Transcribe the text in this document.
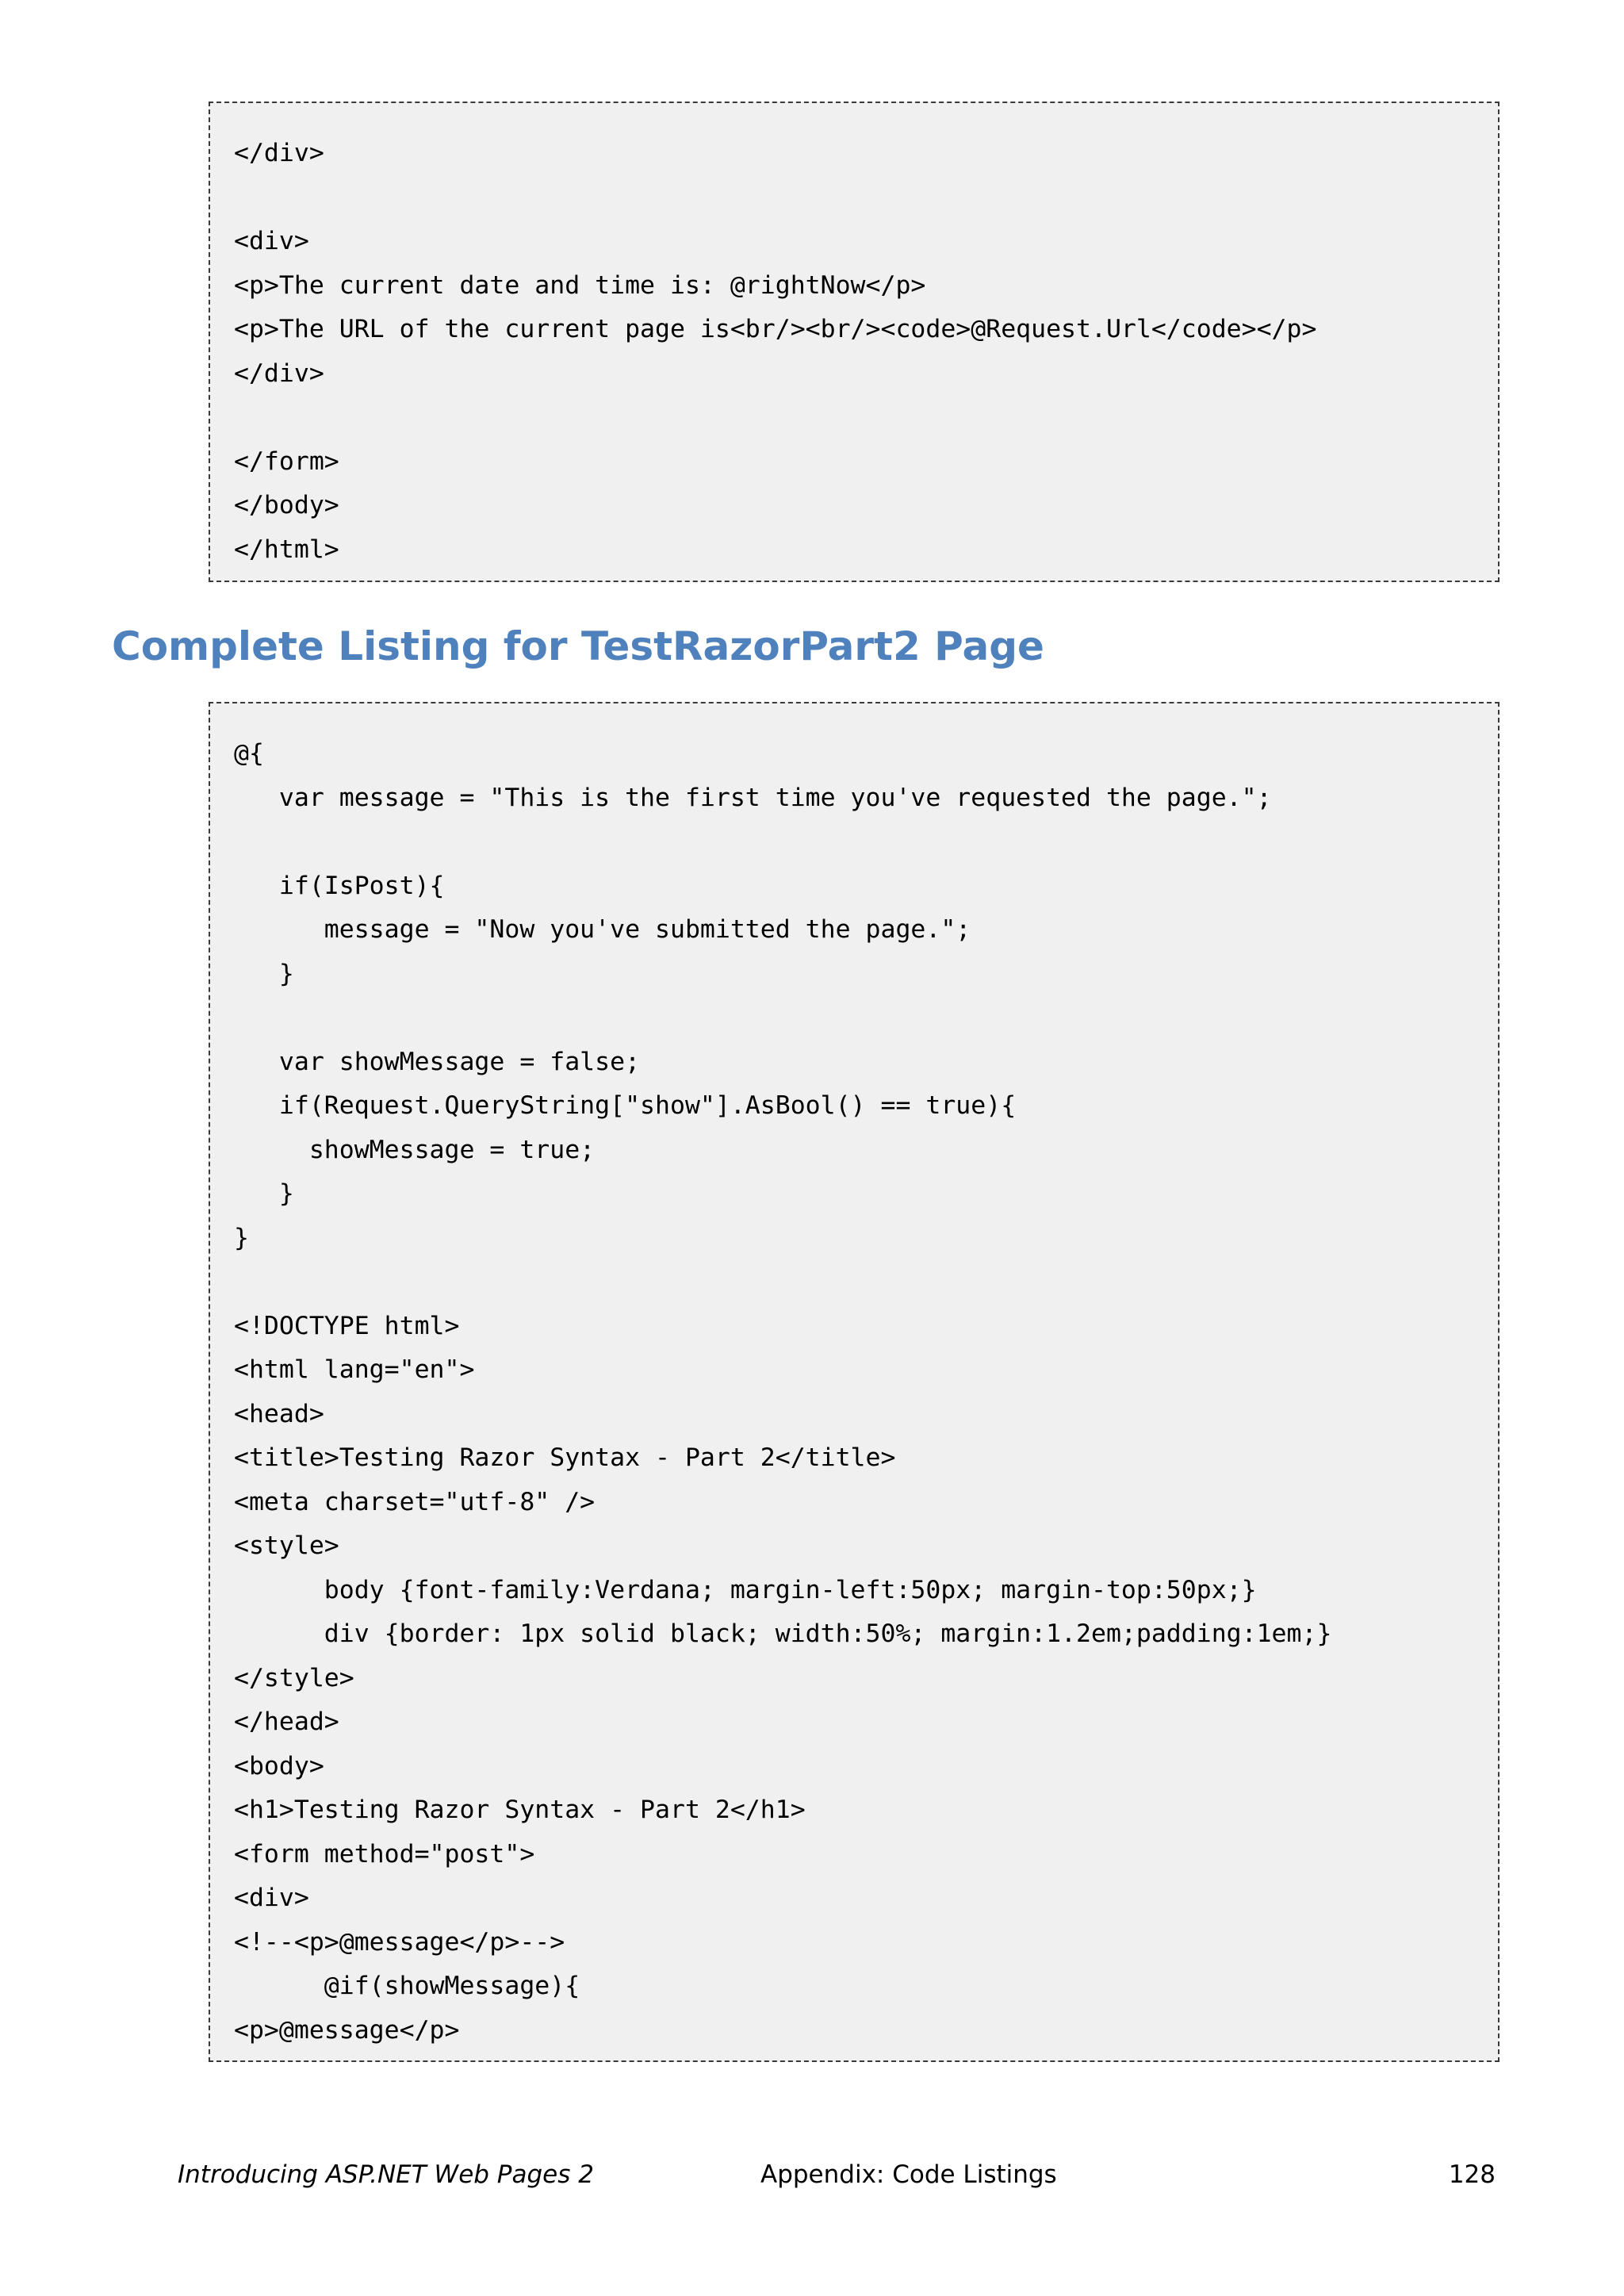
</div>
<div>
<p>The current date and time is: @rightNow</p>
<p>The URL of the current page is<br/><br/><code>@Request.Url</code></p>
</div>
</form>
</body>
</html>
Complete Listing for TestRazorPart2 Page
@{
var message = "This is the first time you've requested the page.";
if(IsPost){
message = "Now you've submitted the page.";
}
var showMessage = false;
if(Request.QueryString["show"].AsBool() == true){
showMessage = true;
}
}
<!DOCTYPE html>
<html lang="en">
<head>
<title>Testing Razor Syntax - Part 2</title>
<meta charset="utf-8" />
<style>
body {font-family:Verdana; margin-left:50px; margin-top:50px;}
div {border: 1px solid black; width:50%; margin:1.2em;padding:1em;}
</style>
</head>
<body>
<h1>Testing Razor Syntax - Part 2</h1>
<form method="post">
<div>
<!--<p>@message</p>-->
@if(showMessage){
<p>@message</p>
Introducing ASP.NET Web Pages 2	Appendix: Code Listings	128
